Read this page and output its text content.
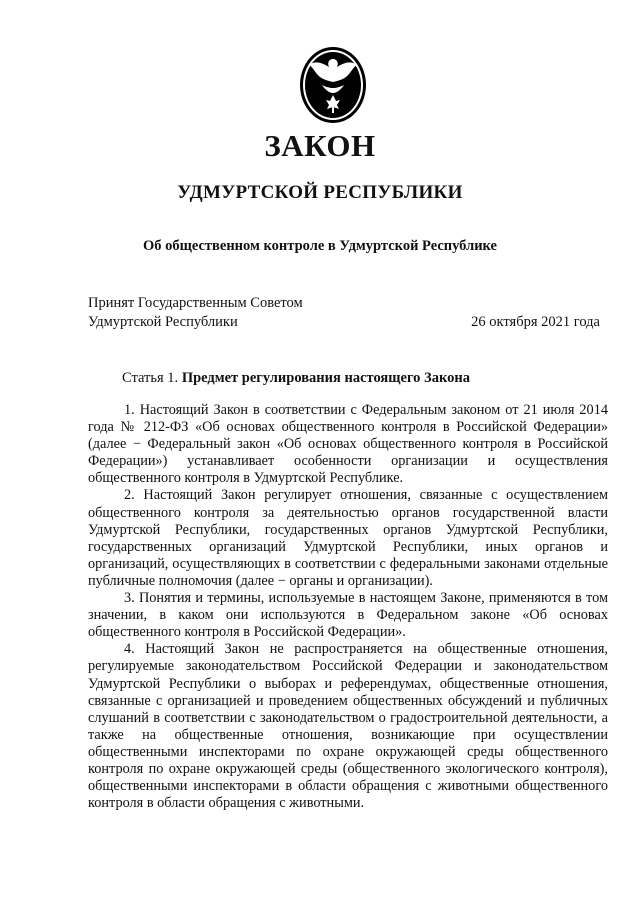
ЗАКОН
УДМУРТСКОЙ РЕСПУБЛИКИ
Об общественном контроле в Удмуртской Республике
Принят Государственным Советом
Удмуртской Республики	26 октября 2021 года
Статья 1. Предмет регулирования настоящего Закона

1. Настоящий Закон в соответствии с Федеральным законом от 21 июля 2014 года № 212-ФЗ «Об основах общественного контроля в Российской Федерации» (далее − Федеральный закон «Об основах общественного контроля в Российской Федерации») устанавливает особенности организации и осуществления общественного контроля в Удмуртской Республике.

2. Настоящий Закон регулирует отношения, связанные с осуществлением общественного контроля за деятельностью органов государственной власти Удмуртской Республики, государственных органов Удмуртской Республики, государственных организаций Удмуртской Республики, иных органов и организаций, осуществляющих в соответствии с федеральными законами отдельные публичные полномочия (далее − органы и организации).

3. Понятия и термины, используемые в настоящем Законе, применяются в том значении, в каком они используются в Федеральном законе «Об основах общественного контроля в Российской Федерации».

4. Настоящий Закон не распространяется на общественные отношения, регулируемые законодательством Российской Федерации и законодательством Удмуртской Республики о выборах и референдумах, общественные отношения, связанные с организацией и проведением общественных обсуждений и публичных слушаний в соответствии с законодательством о градостроительной деятельности, а также на общественные отношения, возникающие при осуществлении общественными инспекторами по охране окружающей среды общественного контроля по охране окружающей среды (общественного экологического контроля), общественными инспекторами в области обращения с животными общественного контроля в области обращения с животными.
